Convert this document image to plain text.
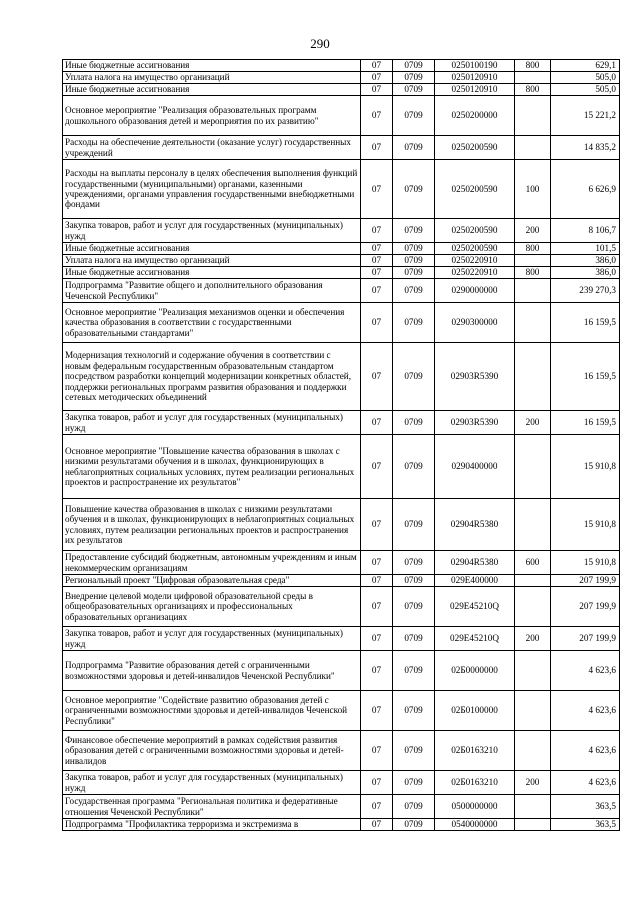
290
Иные бюджетные ассигнования	07	0709	0250100190	800	629,1
Уплата налога на имущество организаций	07	0709	0250120910		505,0
Иные бюджетные ассигнования	07	0709	0250120910	800	505,0
Основное мероприятие "Реализация образовательных программ дошкольного образования детей и мероприятия по их развитию"	07	0709	0250200000		15 221,2
Расходы на обеспечение деятельности (оказание услуг) государственных учреждений	07	0709	0250200590		14 835,2
Расходы на выплаты персоналу в целях обеспечения выполнения функций государственными (муниципальными) органами, казенными учреждениями, органами управления государственными внебюджетными фондами	07	0709	0250200590	100	6 626,9
Закупка товаров, работ и услуг для государственных (муниципальных) нужд	07	0709	0250200590	200	8 106,7
Иные бюджетные ассигнования	07	0709	0250200590	800	101,5
Уплата налога на имущество организаций	07	0709	0250220910		386,0
Иные бюджетные ассигнования	07	0709	0250220910	800	386,0
Подпрограмма "Развитие общего и дополнительного образования Чеченской Республики"	07	0709	0290000000		239 270,3
Основное мероприятие "Реализация механизмов оценки и обеспечения качества образования в соответствии с государственными образовательными стандартами"	07	0709	0290300000		16 159,5
Модернизация технологий и содержание обучения в соответствии с новым федеральным государственным образовательным стандартом посредством разработки концепций модернизации конкретных областей, поддержки региональных программ развития образования и поддержки сетевых методических объединений	07	0709	02903R5390		16 159,5
Закупка товаров, работ и услуг для государственных (муниципальных) нужд	07	0709	02903R5390	200	16 159,5
Основное мероприятие "Повышение качества образования в школах с низкими результатами обучения и в школах, функционирующих в неблагоприятных социальных условиях, путем реализации региональных проектов и распространение их результатов"	07	0709	0290400000		15 910,8
Повышение качества образования в школах с низкими результатами обучения и в школах, функционирующих в неблагоприятных социальных условиях, путем реализации региональных проектов и распространения их результатов	07	0709	02904R5380		15 910,8
Предоставление субсидий бюджетным, автономным учреждениям и иным некоммерческим организациям	07	0709	02904R5380	600	15 910,8
Региональный проект "Цифровая образовательная среда"	07	0709	029E400000		207 199,9
Внедрение целевой модели цифровой образовательной среды в общеобразовательных организациях и профессиональных образовательных организациях	07	0709	029E45210Q		207 199,9
Закупка товаров, работ и услуг для государственных (муниципальных) нужд	07	0709	029E45210Q	200	207 199,9
Подпрограмма "Развитие образования детей с ограниченными возможностями здоровья и детей-инвалидов Чеченской Республики"	07	0709	02Б0000000		4 623,6
Основное мероприятие "Содействие развитию образования детей с ограниченными возможностями здоровья и детей-инвалидов Чеченской Республики"	07	0709	02Б0100000		4 623,6
Финансовое обеспечение мероприятий в рамках содействия развития образования детей с ограниченными возможностями здоровья и детей-инвалидов	07	0709	02Б0163210		4 623,6
Закупка товаров, работ и услуг для государственных (муниципальных) нужд	07	0709	02Б0163210	200	4 623,6
Государственная программа "Региональная политика и федеративные отношения Чеченской Республики"	07	0709	0500000000		363,5
Подпрограмма "Профилактика терроризма и экстремизма в	07	0709	0540000000		363,5
